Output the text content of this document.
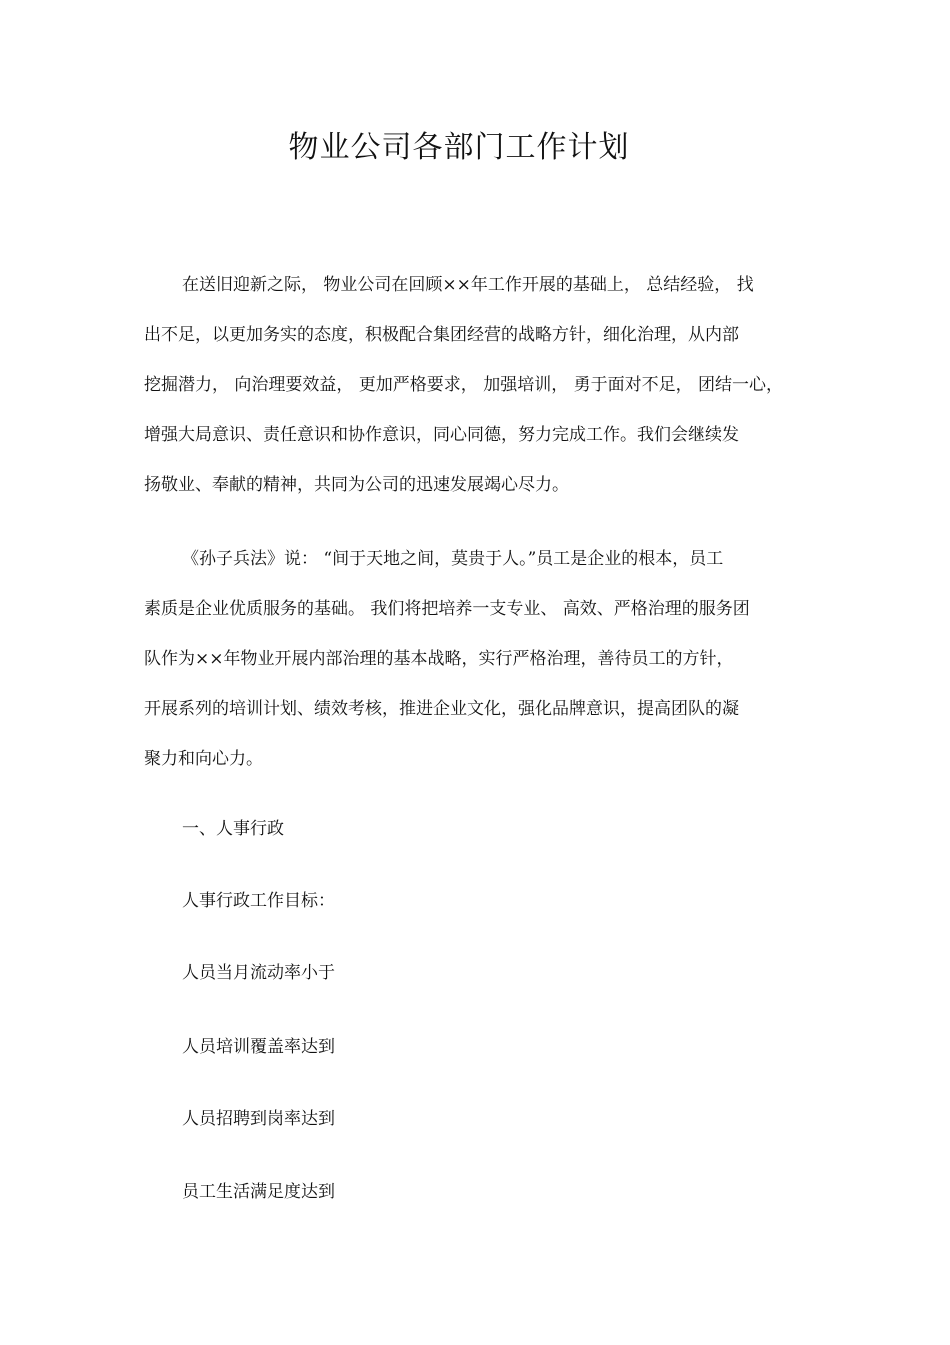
物业公司各部门工作计划
在送旧迎新之际， 物业公司在回顾××年工作开展的基础上， 总结经验， 找
出不足，以更加务实的态度，积极配合集团经营的战略方针，细化治理，从内部
挖掘潜力， 向治理要效益， 更加严格要求， 加强培训， 勇于面对不足， 团结一心，
增强大局意识、责任意识和协作意识，同心同德，努力完成工作。我们会继续发
扬敬业、奉献的精神，共同为公司的迅速发展竭心尽力。
《孙子兵法》说： “间于天地之间，莫贵于人。”员工是企业的根本，员工
素质是企业优质服务的基础。 我们将把培养一支专业、 高效、严格治理的服务团
队作为××年物业开展内部治理的基本战略，实行严格治理，善待员工的方针，
开展系列的培训计划、绩效考核，推进企业文化，强化品牌意识，提高团队的凝
聚力和向心力。

一、人事行政

人事行政工作目标：

人员当月流动率小于

人员培训覆盖率达到

人员招聘到岗率达到

员工生活满足度达到
